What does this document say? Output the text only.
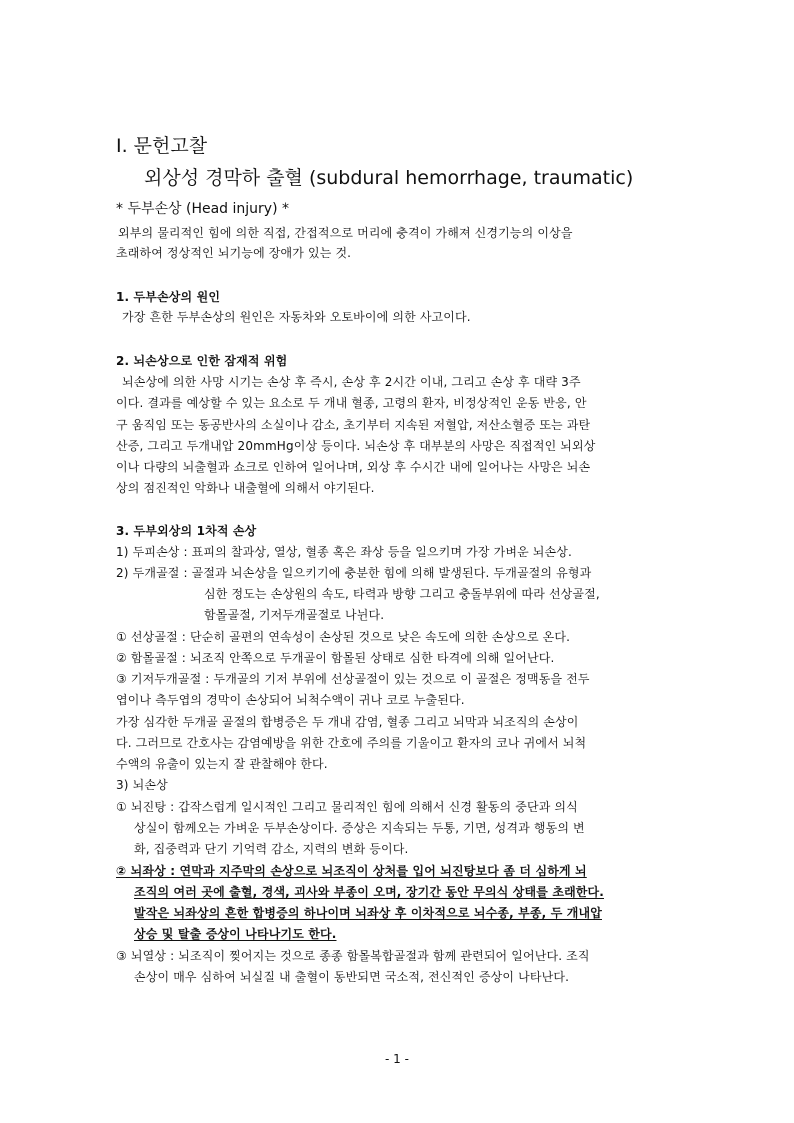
Ⅰ. 문헌고찰

외상성 경막하 출혈 (subdural hemorrhage, traumatic)

* 두부손상 (Head injury) *

외부의 물리적인 힘에 의한 직접, 간접적으로 머리에 충격이 가해져 신경기능의 이상을

초래하여 정상적인 뇌기능에 장애가 있는 것.

1. 두부손상의 원인

가장 흔한 두부손상의 원인은 자동차와 오토바이에 의한 사고이다.

2. 뇌손상으로 인한 잠재적 위험

뇌손상에 의한 사망 시기는 손상 후 즉시, 손상 후 2시간 이내, 그리고 손상 후 대략 3주

이다. 결과를 예상할 수 있는 요소로 두 개내 혈종, 고령의 환자, 비정상적인 운동 반응, 안

구 움직임 또는 동공반사의 소실이나 감소, 초기부터 지속된 저혈압, 저산소혈증 또는 과탄

산증, 그리고 두개내압 20mmHg이상 등이다. 뇌손상 후 대부분의 사망은 직접적인 뇌외상

이나 다량의 뇌출혈과 쇼크로 인하여 일어나며, 외상 후 수시간 내에 일어나는 사망은 뇌손

상의 점진적인 악화나 내출혈에 의해서 야기된다.

3. 두부외상의 1차적 손상

1) 두피손상 : 표피의 찰과상, 열상, 혈종 혹은 좌상 등을 일으키며 가장 가벼운 뇌손상.

2) 두개골절 : 골절과 뇌손상을 일으키기에 충분한 힘에 의해 발생된다. 두개골절의 유형과

심한 정도는 손상원의 속도, 타력과 방향 그리고 충돌부위에 따라 선상골절,

함몰골절, 기저두개골절로 나뉜다.

① 선상골절 : 단순히 골편의 연속성이 손상된 것으로 낮은 속도에 의한 손상으로 온다.

② 함몰골절 : 뇌조직 안쪽으로 두개골이 함몰된 상태로 심한 타격에 의해 일어난다.

③ 기저두개골절 : 두개골의 기저 부위에 선상골절이 있는 것으로 이 골절은 정맥동을 전두

엽이나 측두엽의 경막이 손상되어 뇌척수액이 귀나 코로 누출된다.

가장 심각한 두개골 골절의 합병증은 두 개내 감염, 혈종 그리고 뇌막과 뇌조직의 손상이

다. 그러므로 간호사는 감염예방을 위한 간호에 주의를 기울이고 환자의 코나 귀에서 뇌척

수액의 유출이 있는지 잘 관찰해야 한다.

3) 뇌손상

① 뇌진탕 : 갑작스럽게 일시적인 그리고 물리적인 힘에 의해서 신경 활동의 중단과 의식

상실이 함께오는 가벼운 두부손상이다. 증상은 지속되는 두통, 기면, 성격과 행동의 변

화, 집중력과 단기 기억력 감소, 지력의 변화 등이다.

② 뇌좌상 : 연막과 지주막의 손상으로 뇌조직이 상처를 입어 뇌진탕보다 좀 더 심하게 뇌

조직의 여러 곳에 출혈, 경색, 괴사와 부종이 오며, 장기간 동안 무의식 상태를 초래한다.

발작은 뇌좌상의 흔한 합병증의 하나이며 뇌좌상 후 이차적으로 뇌수종, 부종, 두 개내압

상승 및 탈출 증상이 나타나기도 한다.

③ 뇌열상 : 뇌조직이 찢어지는 것으로 종종 함몰복합골절과 함께 관련되어 일어난다. 조직

손상이 매우 심하여 뇌실질 내 출혈이 동반되면 국소적, 전신적인 증상이 나타난다.

- 1 -
